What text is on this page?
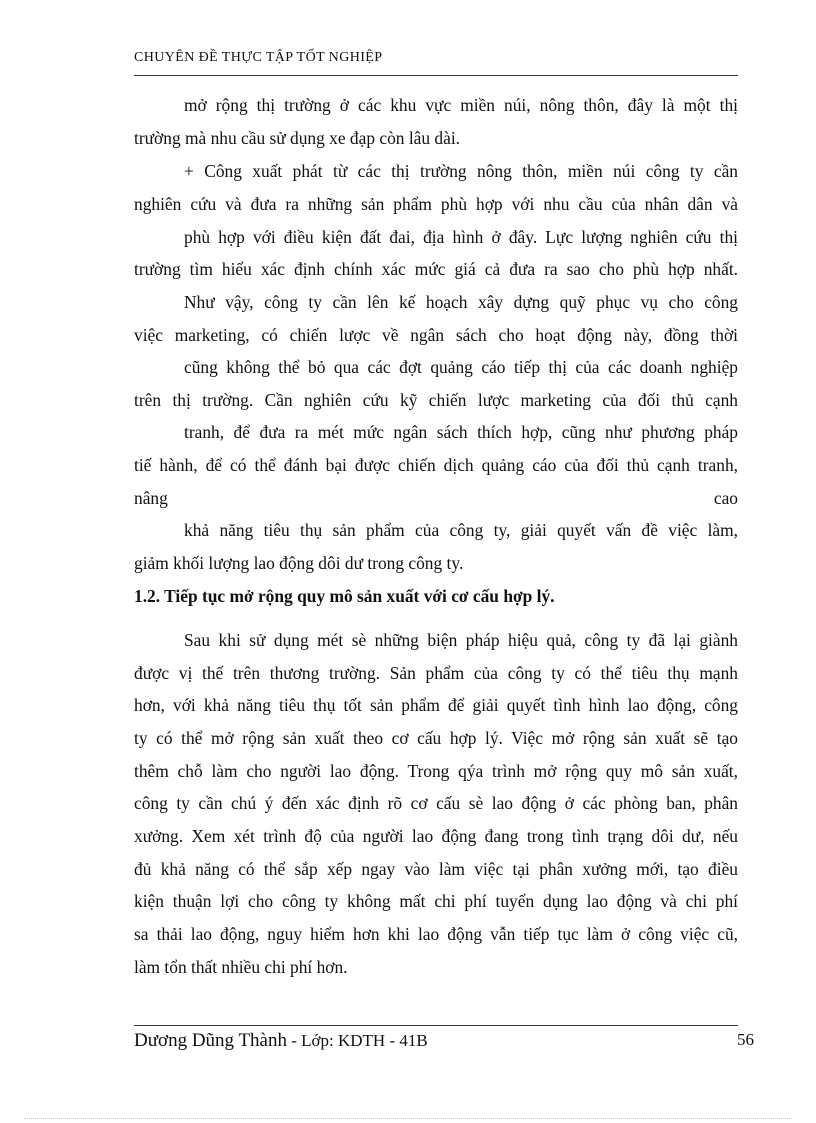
CHUYÊN ĐỀ THỰC TẬP TỐT NGHIỆP
mở rộng thị trường ở các khu vực miền núi, nông thôn, đây là một thị
trường mà nhu cầu sử dụng xe đạp còn lâu dài.
+ Công xuất phát từ các thị trường nông thôn, miền núi công ty cần
nghiên cứu và đưa ra những sản phẩm phù hợp với nhu cầu của nhân dân và
phù hợp với điều kiện đất đai, địa hình ở đây. Lực lượng nghiên cứu thị
trường tìm hiểu xác định chính xác mức giá cả đưa ra sao cho phù hợp nhất.
Như vậy, công ty cần lên kế hoạch xây dựng quỹ phục vụ cho công
việc marketing, có chiến lược về ngân sách cho hoạt động này, đồng thời
cũng không thể bỏ qua các đợt quảng cáo tiếp thị của các doanh nghiệp
trên thị trường. Cần nghiên cứu kỹ chiến lược marketing của đối thủ cạnh
tranh, để đưa ra mét mức ngân sách thích hợp, cũng như phương pháp
tiế hành, để có thể đánh bại được chiến dịch quảng cáo của đối thủ cạnh tranh,
nâng cao
khả năng tiêu thụ sản phẩm của công ty, giải quyết vấn đề việc làm,
giảm khối lượng lao động dôi dư trong công ty.
1.2. Tiếp tục mở rộng quy mô sản xuất với cơ cấu hợp lý.
Sau khi sử dụng mét sè những biện pháp hiệu quả, công ty đã lại giành
được vị thế trên thương trường. Sản phẩm của công ty có thể tiêu thụ mạnh
hơn, với khả năng tiêu thụ tốt sản phẩm để giải quyết tình hình lao động, công
ty có thể mở rộng sản xuất theo cơ cấu hợp lý. Việc mở rộng sản xuất sẽ tạo
thêm chỗ làm cho người lao động. Trong qýa trình mở rộng quy mô sản xuất,
công ty cần chú ý đến xác định rõ cơ cấu sè lao động ở các phòng ban, phân
xưởng. Xem xét trình độ của người lao động đang trong tình trạng dôi dư, nếu
đủ khả năng có thể sắp xếp ngay vào làm việc tại phân xưởng mới, tạo điều
kiện thuận lợi cho công ty không mất chi phí tuyển dụng lao động và chi phí
sa thải lao động, nguy hiểm hơn khi lao động vẫn tiếp tục làm ở công việc cũ,
làm tổn thất nhiều chi phí hơn.
Dương Dũng Thành - Lớp: KDTH - 41B	56
